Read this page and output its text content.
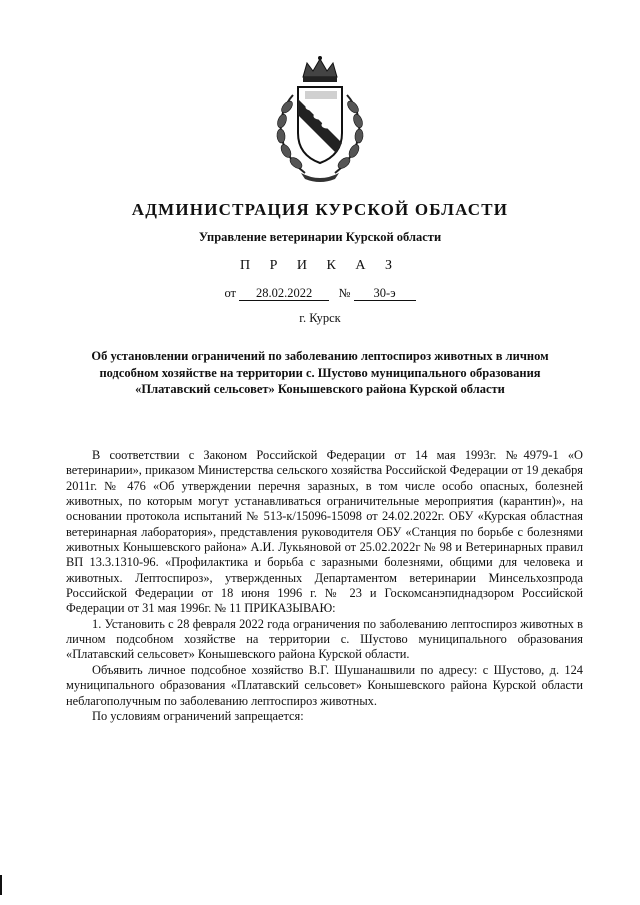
АДМИНИСТРАЦИЯ КУРСКОЙ ОБЛАСТИ
Управление ветеринарии Курской области
П Р И К А З
от 28.02.2022 № 30-э
г. Курск
Об установлении ограничений по заболеванию лептоспироз животных в личном подсобном хозяйстве на территории с. Шустово муниципального образования «Платавский сельсовет» Конышевского района Курской области

В соответствии с Законом Российской Федерации от 14 мая 1993г. №4979-1 «О ветеринарии», приказом Министерства сельского хозяйства Российской Федерации от 19 декабря 2011г. № 476 «Об утверждении перечня заразных, в том числе особо опасных, болезней животных, по которым могут устанавливаться ограничительные мероприятия (карантин)», на основании протокола испытаний № 513-к/15096-15098 от 24.02.2022г. ОБУ «Курская областная ветеринарная лаборатория», представления руководителя ОБУ «Станция по борьбе с болезнями животных Конышевского района» А.И. Лукьяновой от 25.02.2022г № 98 и Ветеринарных правил ВП 13.3.1310-96. «Профилактика и борьба с заразными болезнями, общими для человека и животных. Лептоспироз», утвержденных Департаментом ветеринарии Минсельхозпрода Российской Федерации от 18 июня 1996 г. № 23 и Госкомсанэпиднадзором Российской Федерации от 31 мая 1996г. № 11 ПРИКАЗЫВАЮ:

1. Установить с 28 февраля 2022 года ограничения по заболеванию лептоспироз животных в личном подсобном хозяйстве на территории с. Шустово муниципального образования «Платавский сельсовет» Конышевского района Курской области.

Объявить личное подсобное хозяйство В.Г. Шушанашвили по адресу: с Шустово, д. 124 муниципального образования «Платавский сельсовет» Конышевского района Курской области неблагополучным по заболеванию лептоспироз животных.

По условиям ограничений запрещается:
